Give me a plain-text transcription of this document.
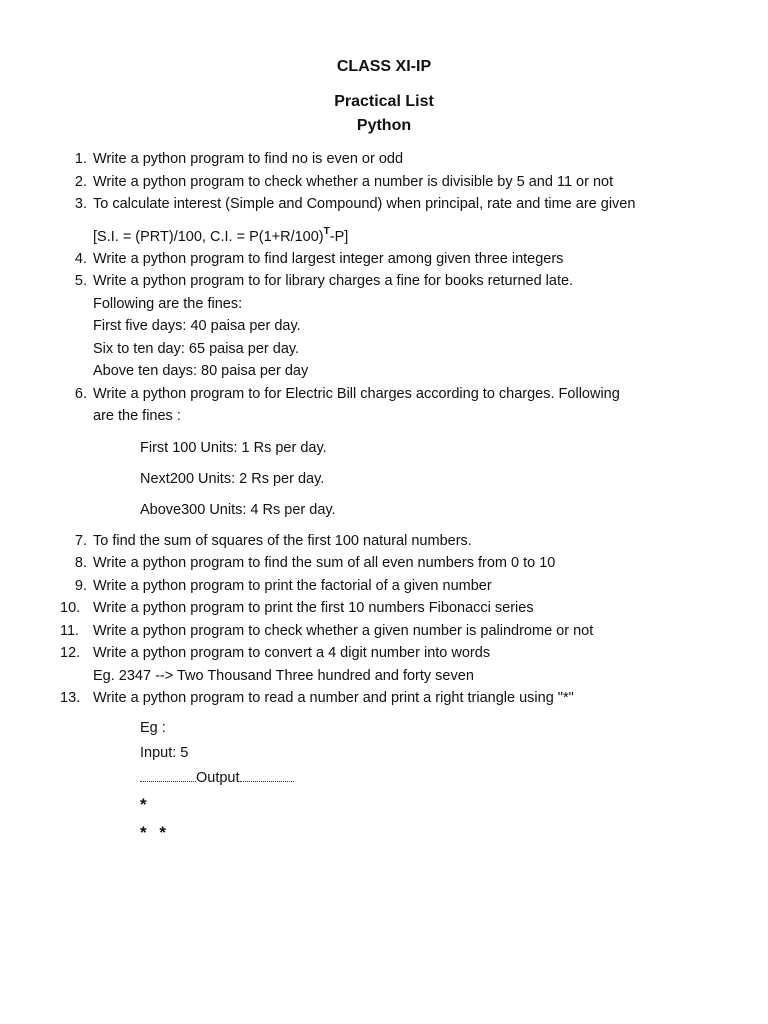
CLASS XI-IP
Practical List
Python
1. Write a python program to find no is even or odd
2. Write a python program to check whether a number is divisible by 5 and 11 or not
3. To calculate interest (Simple and Compound) when principal, rate and time are given
[S.I. = (PRT)/100, C.I. = $P(1+R/100)^T-P$]
4. Write a python program to find largest integer among given three integers
5. Write a python program to for library charges a fine for books returned late.
Following are the fines:
First five days: 40 paisa per day.
Six to ten day: 65 paisa per day.
Above ten days: 80 paisa per day
6. Write a python program to for Electric Bill charges according to charges. Following
are the fines :
First 100 Units: 1 Rs per day.
Next200 Units: 2 Rs per day.
Above300 Units: 4 Rs per day.
7. To find the sum of squares of the first 100 natural numbers.
8. Write a python program to find the sum of all even numbers from 0 to 10
9. Write a python program to print the factorial of a given number
10. Write a python program to print the first 10 numbers Fibonacci series
11. Write a python program to check whether a given number is palindrome or not
12. Write a python program to convert a 4 digit number into words
Eg. 2347 --> Two Thousand Three hundred and forty seven
13. Write a python program to read a number and print a right triangle using "*"
Eg :
Input: 5
Output
*
* *
